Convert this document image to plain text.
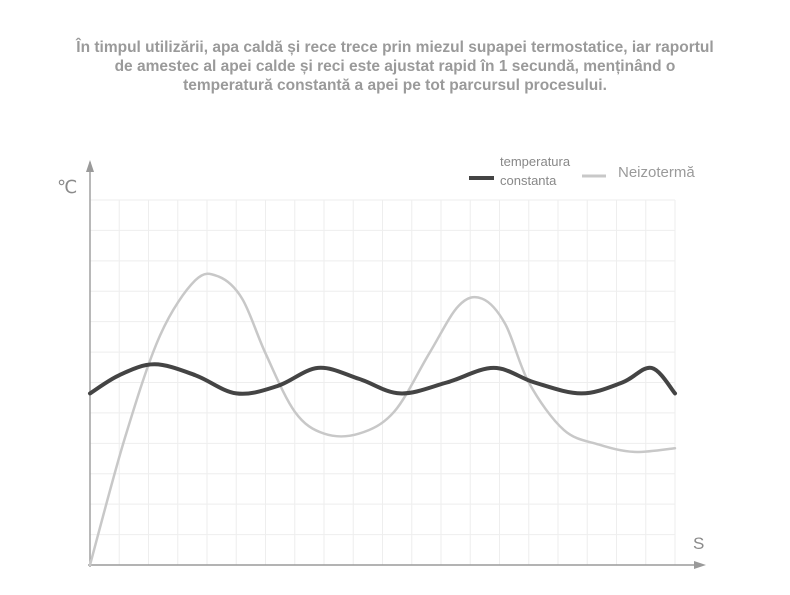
În timpul utilizării, apa caldă și rece trece prin miezul supapei termostatice, iar raportul
de amestec al apei calde și reci este ajustat rapid în 1 secundă, menținând o
temperatură constantă a apei pe tot parcursul procesului.
℃
S
temperatura constanta	Neizotermă
